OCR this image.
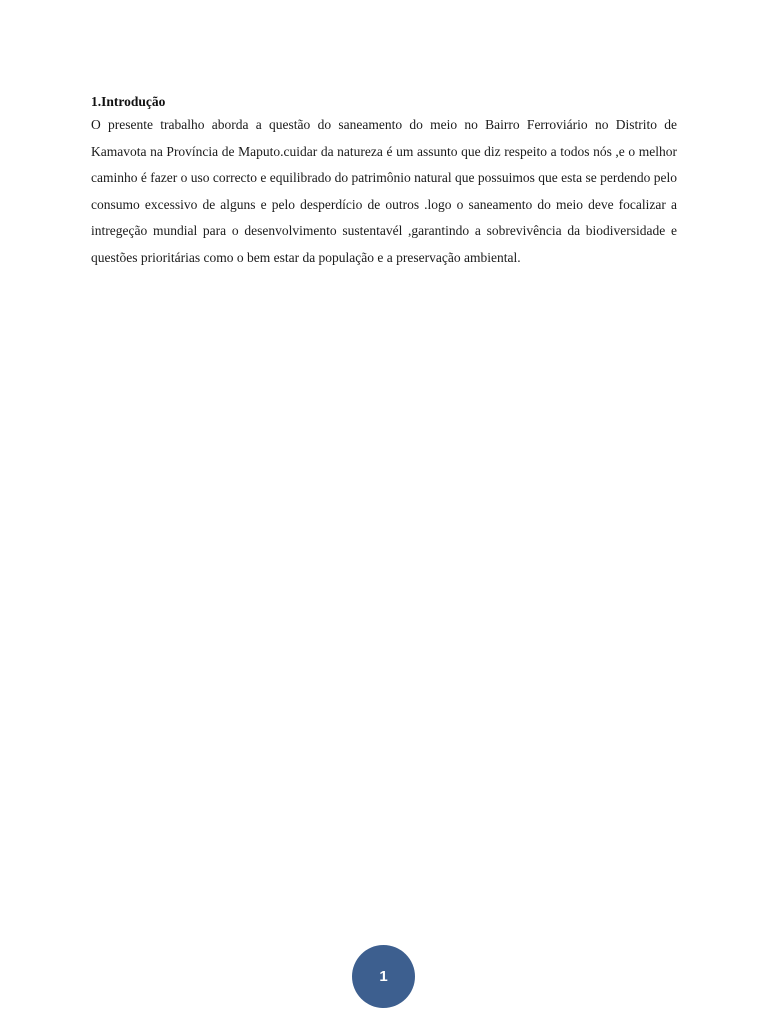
1.Introdução

O presente trabalho aborda a questão do saneamento do meio no Bairro Ferroviário no Distrito de Kamavota na Província de Maputo.cuidar da natureza é um assunto que diz respeito a todos nós ,e o melhor caminho é fazer o uso correcto e equilibrado do patrimônio natural que possuimos que esta se perdendo pelo consumo excessivo de alguns e pelo desperdício de outros .logo o saneamento do meio deve focalizar a intregeção mundial para o desenvolvimento sustentavél ,garantindo a sobrevivência da biodiversidade e questões prioritárias como o bem estar da população e a preservação ambiental.

1
